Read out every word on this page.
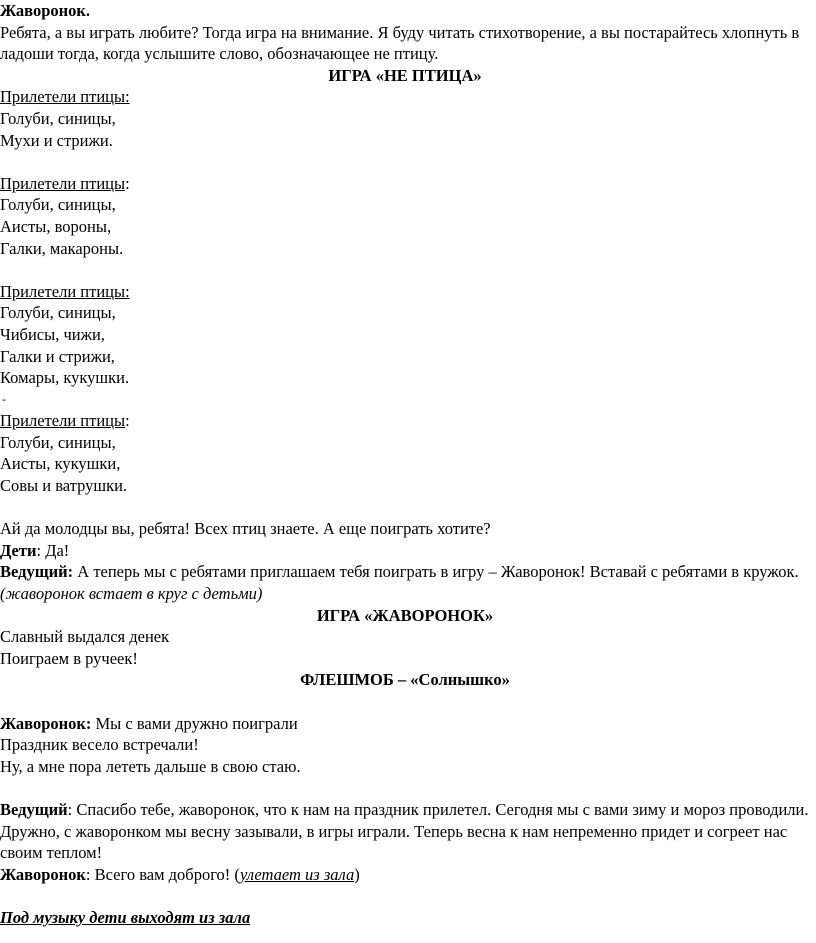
Жаворонок.

Ребята, а вы играть любите? Тогда игра на внимание. Я буду читать стихотворение, а вы постарайтесь хлопнуть в ладоши тогда, когда услышите слово, обозначающее не птицу.

ИГРА «НЕ ПТИЦА»

Прилетели птицы:

Голуби, синицы,

Мухи и стрижи.

Прилетели птицы:

Голуби, синицы,

Аисты, вороны,

Галки, макароны.

Прилетели птицы:

Голуби, синицы,

Чибисы, чижи,

Галки и стрижи,

Комары, кукушки.

-

Прилетели птицы:

Голуби, синицы,

Аисты, кукушки,

Совы и ватрушки.

Ай да молодцы вы, ребята! Всех птиц знаете. А еще поиграть хотите?

Дети: Да!

Ведущий: А теперь мы с ребятами приглашаем тебя поиграть в игру – Жаворонок! Вставай с ребятами в кружок.

(жаворонок встает в круг с детьми)

ИГРА «ЖАВОРОНОК»

Славный выдался денек

Поиграем в ручеек!

ФЛЕШМОБ – «Солнышко»

Жаворонок: Мы с вами дружно поиграли

Праздник весело встречали!

Ну, а мне пора лететь дальше в свою стаю.

Ведущий: Спасибо тебе, жаворонок, что к нам на праздник прилетел. Сегодня мы с вами зиму и мороз проводили. Дружно, с жаворонком мы весну зазывали, в игры играли. Теперь весна к нам непременно придет и согреет нас своим теплом!

Жаворонок: Всего вам доброго! (улетает из зала)

Под музыку дети выходят из зала
